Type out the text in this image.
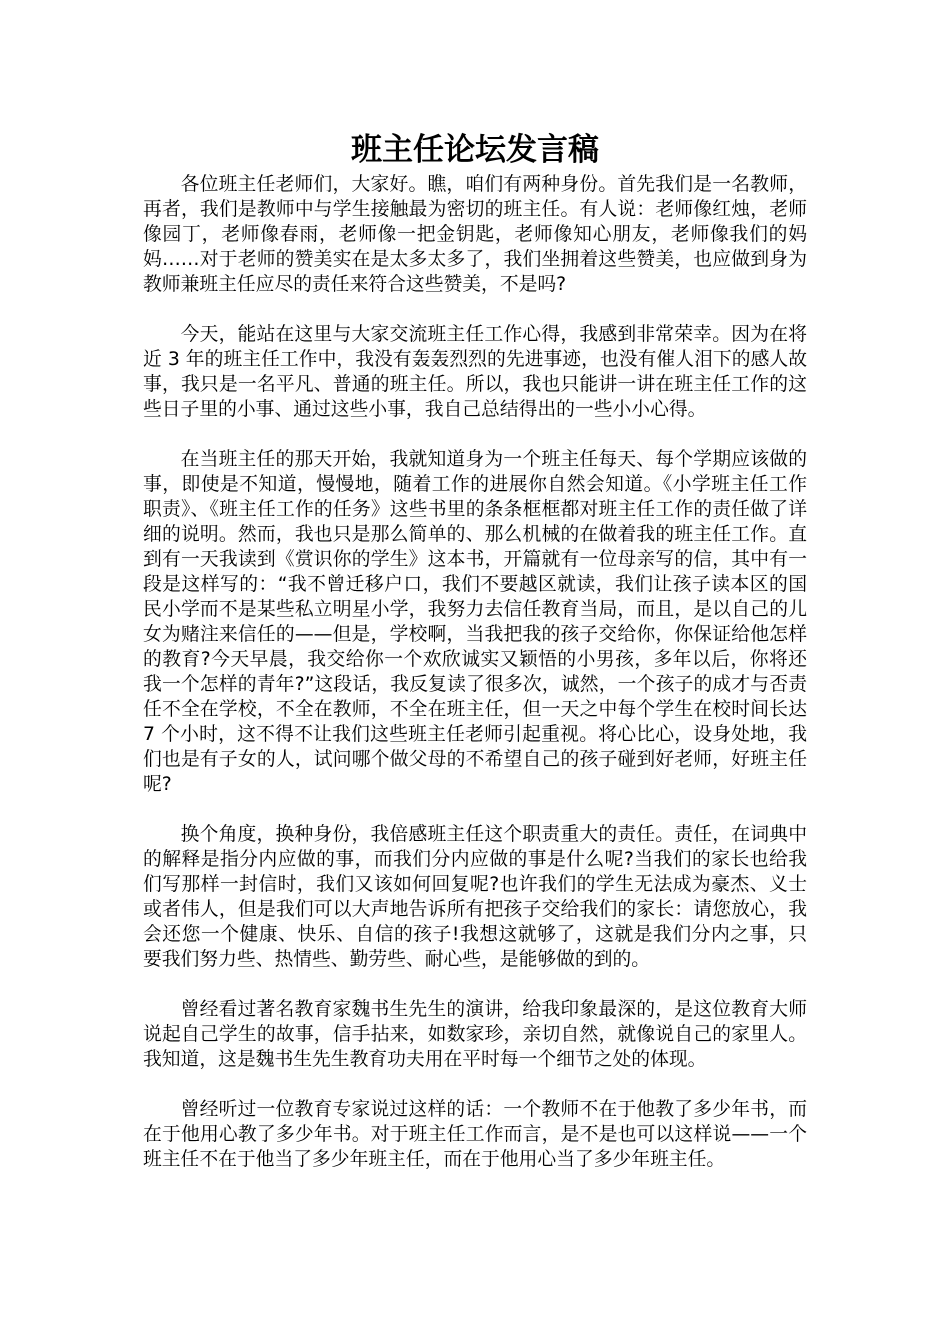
班主任论坛发言稿

各位班主任老师们，大家好。瞧，咱们有两种身份。首先我们是一名教师，再者，我们是教师中与学生接触最为密切的班主任。有人说：老师像红烛，老师像园丁，老师像春雨，老师像一把金钥匙，老师像知心朋友，老师像我们的妈妈……对于老师的赞美实在是太多太多了，我们坐拥着这些赞美，也应做到身为教师兼班主任应尽的责任来符合这些赞美，不是吗?

今天，能站在这里与大家交流班主任工作心得，我感到非常荣幸。因为在将近 3 年的班主任工作中，我没有轰轰烈烈的先进事迹，也没有催人泪下的感人故事，我只是一名平凡、普通的班主任。所以，我也只能讲一讲在班主任工作的这些日子里的小事、通过这些小事，我自己总结得出的一些小小心得。

在当班主任的那天开始，我就知道身为一个班主任每天、每个学期应该做的事，即使是不知道，慢慢地，随着工作的进展你自然会知道。《小学班主任工作职责》、《班主任工作的任务》这些书里的条条框框都对班主任工作的责任做了详细的说明。然而，我也只是那么简单的、那么机械的在做着我的班主任工作。直到有一天我读到《赏识你的学生》这本书，开篇就有一位母亲写的信，其中有一段是这样写的：“我不曾迁移户口，我们不要越区就读，我们让孩子读本区的国民小学而不是某些私立明星小学，我努力去信任教育当局，而且，是以自己的儿女为赌注来信任的——但是，学校啊，当我把我的孩子交给你，你保证给他怎样的教育?今天早晨，我交给你一个欢欣诚实又颖悟的小男孩，多年以后，你将还我一个怎样的青年?”这段话，我反复读了很多次，诚然，一个孩子的成才与否责任不全在学校，不全在教师，不全在班主任，但一天之中每个学生在校时间长达 7 个小时，这不得不让我们这些班主任老师引起重视。将心比心，设身处地，我们也是有子女的人，试问哪个做父母的不希望自己的孩子碰到好老师，好班主任呢?

换个角度，换种身份，我倍感班主任这个职责重大的责任。责任，在词典中的解释是指分内应做的事，而我们分内应做的事是什么呢?当我们的家长也给我们写那样一封信时，我们又该如何回复呢?也许我们的学生无法成为豪杰、义士或者伟人，但是我们可以大声地告诉所有把孩子交给我们的家长：请您放心，我会还您一个健康、快乐、自信的孩子!我想这就够了，这就是我们分内之事，只要我们努力些、热情些、勤劳些、耐心些，是能够做的到的。

曾经看过著名教育家魏书生先生的演讲，给我印象最深的，是这位教育大师说起自己学生的故事，信手拈来，如数家珍，亲切自然，就像说自己的家里人。我知道，这是魏书生先生教育功夫用在平时每一个细节之处的体现。

曾经听过一位教育专家说过这样的话：一个教师不在于他教了多少年书，而在于他用心教了多少年书。对于班主任工作而言，是不是也可以这样说——一个班主任不在于他当了多少年班主任，而在于他用心当了多少年班主任。
